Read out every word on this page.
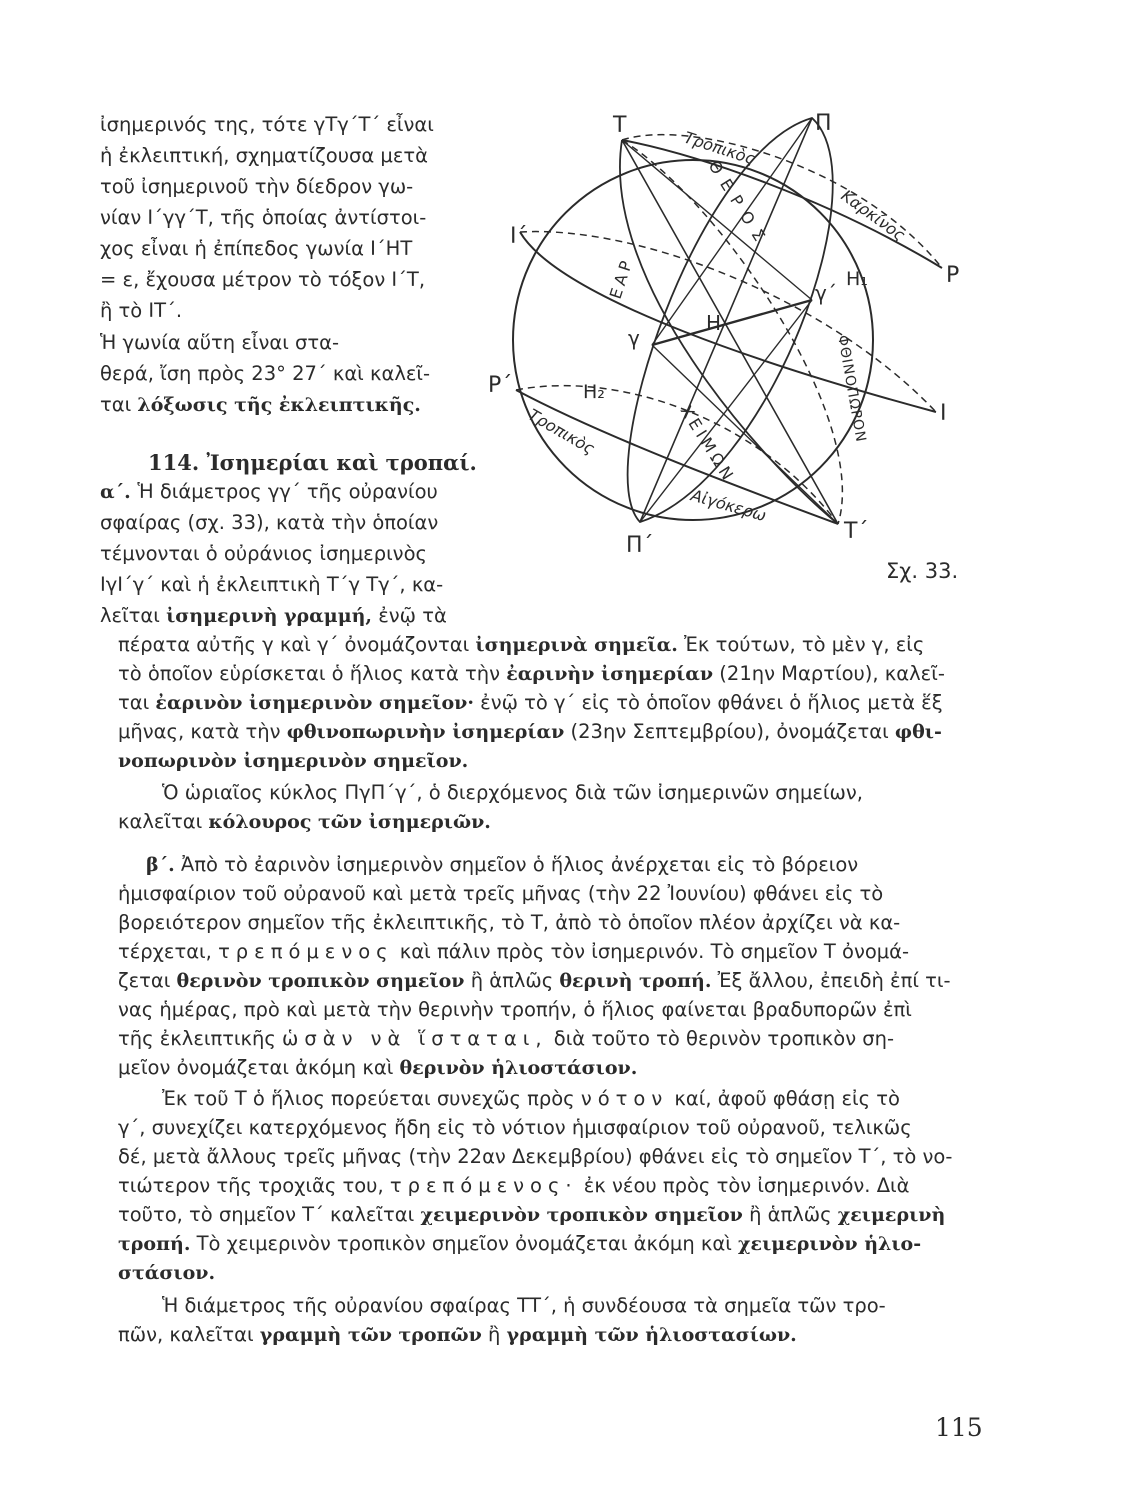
ἰσημερινός της, τότε γΤγ΄Τ΄ εἶναι
ἡ ἐκλειπτική, σχηματίζουσα μετὰ
τοῦ ἰσημερινοῦ τὴν δίεδρον γω-
νίαν Ι΄γγ΄Τ, τῆς ὁποίας ἀντίστοι-
χος εἶναι ἡ ἐπίπεδος γωνία Ι΄ΗΤ
= ε, ἔχουσα μέτρον τὸ τόξον Ι΄Τ,
ἢ τὸ ΙΤ΄.
Ἡ γωνία αὕτη εἶναι στα-
θερά, ἴση πρὸς 23° 27΄ καὶ καλεῖ-
ται λόξωσις τῆς ἐκλειπτικῆς.
114. Ἰσημερίαι καὶ τροπαί.
α΄. Ἡ διάμετρος γγ΄ τῆς οὐρανίου
σφαίρας (σχ. 33), κατὰ τὴν ὁποίαν
τέμνονται ὁ οὐράνιος ἰσημερινὸς
ΙγΙ΄γ΄ καὶ ἡ ἐκλειπτικὴ Τ΄γ Τγ΄, κα-
λεῖται ἰσημερινὴ γραμμή, ἐνῷ τὰ
πέρατα αὐτῆς γ καὶ γ΄ ὀνομάζονται ἰσημερινὰ σημεῖα. Ἐκ τούτων, τὸ μὲν γ, εἰς
τὸ ὁποῖον εὑρίσκεται ὁ ἥλιος κατὰ τὴν ἐαρινὴν ἰσημερίαν (21ην Μαρτίου), καλεῖ-
ται ἐαρινὸν ἰσημερινὸν σημεῖον· ἐνῷ τὸ γ΄ εἰς τὸ ὁποῖον φθάνει ὁ ἥλιος μετὰ ἕξ
μῆνας, κατὰ τὴν φθινοπωρινὴν ἰσημερίαν (23ην Σεπτεμβρίου), ὀνομάζεται φθι-
νοπωρινὸν ἰσημερινὸν σημεῖον.
Ὁ ὡριαῖος κύκλος ΠγΠ΄γ΄, ὁ διερχόμενος διὰ τῶν ἰσημερινῶν σημείων,
καλεῖται κόλουρος τῶν ἰσημεριῶν.
β΄. Ἀπὸ τὸ ἐαρινὸν ἰσημερινὸν σημεῖον ὁ ἥλιος ἀνέρχεται εἰς τὸ βόρειον
ἡμισφαίριον τοῦ οὐρανοῦ καὶ μετὰ τρεῖς μῆνας (τὴν 22 Ἰουνίου) φθάνει εἰς τὸ
βορειότερον σημεῖον τῆς ἐκλειπτικῆς, τὸ Τ, ἀπὸ τὸ ὁποῖον πλέον ἀρχίζει νὰ κα-
τέρχεται, τρεπόμενος καὶ πάλιν πρὸς τὸν ἰσημερινόν. Τὸ σημεῖον Τ ὀνομά-
ζεται θερινὸν τροπικὸν σημεῖον ἢ ἁπλῶς θερινὴ τροπή. Ἐξ ἄλλου, ἐπειδὴ ἐπί τι-
νας ἡμέρας, πρὸ καὶ μετὰ τὴν θερινὴν τροπήν, ὁ ἥλιος φαίνεται βραδυπορῶν ἐπὶ
τῆς ἐκλειπτικῆς ὡσὰν νὰ ἵσταται, διὰ τοῦτο τὸ θερινὸν τροπικὸν ση-
μεῖον ὀνομάζεται ἀκόμη καὶ θερινὸν ἡλιοστάσιον.
Ἐκ τοῦ Τ ὁ ἥλιος πορεύεται συνεχῶς πρὸς νότον καί, ἀφοῦ φθάσῃ εἰς τὸ
γ΄, συνεχίζει κατερχόμενος ἤδη εἰς τὸ νότιον ἡμισφαίριον τοῦ οὐρανοῦ, τελικῶς
δέ, μετὰ ἄλλους τρεῖς μῆνας (τὴν 22αν Δεκεμβρίου) φθάνει εἰς τὸ σημεῖον Τ΄, τὸ νο-
τιώτερον τῆς τροχιᾶς του, τρεπόμενος· ἐκ νέου πρὸς τὸν ἰσημερινόν. Διὰ
τοῦτο, τὸ σημεῖον Τ΄ καλεῖται χειμερινὸν τροπικὸν σημεῖον ἢ ἁπλῶς χειμερινὴ
τροπή. Τὸ χειμερινὸν τροπικὸν σημεῖον ὀνομάζεται ἀκόμη καὶ χειμερινὸν ἡλιο-
στάσιον.
Ἡ διάμετρος τῆς οὐρανίου σφαίρας ΤΤ΄, ἡ συνδέουσα τὰ σημεῖα τῶν τρο-
πῶν, καλεῖται γραμμὴ τῶν τροπῶν ἢ γραμμὴ τῶν ἡλιοστασίων.
Τ	Π
Ι΄
Ρ
Η₁
γ΄
Η
γ
Ρ΄	Η₂
Ι
Π΄
Τ΄
Τροπικὸς
ΘΕΡΟΣ	Καρκίνος
ΕΑΡ
ΦΘΙΝΟΠΩΡΟΝ
Τροπικὸς	ΧΕΙΜΩΝ
Αἰγόκερω
Σχ. 33.
115
